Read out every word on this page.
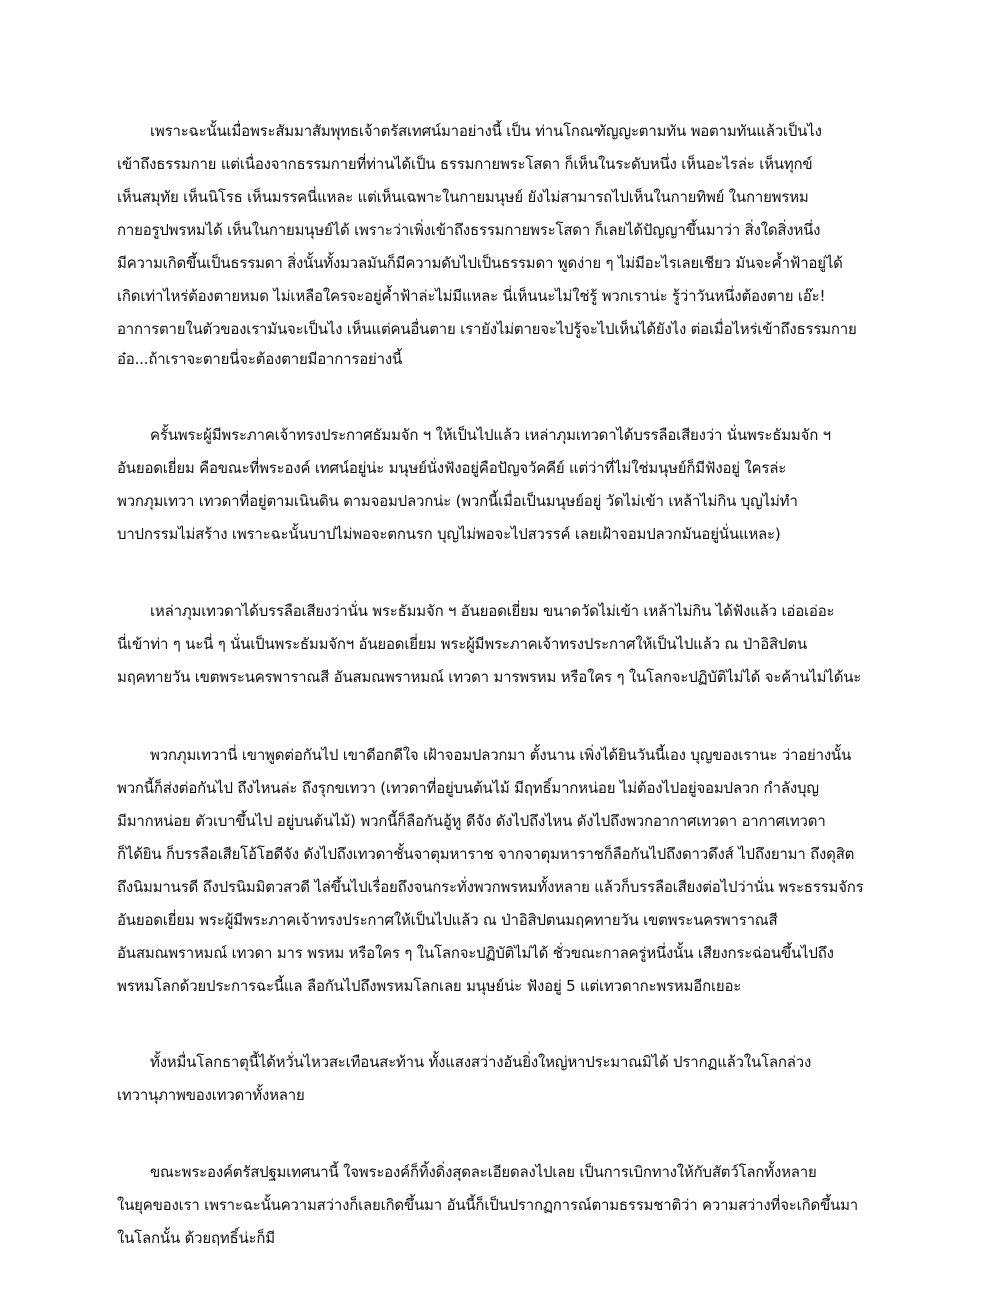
เพราะฉะนั้นเมื่อพระสัมมาสัมพุทธเจ้าตรัสเทศน์มาอย่างนี้ เป็น ท่านโกณฑัญญะตามทัน พอตามทันแล้วเป็นไง
เข้าถึงธรรมกาย แต่เนื่องจากธรรมกายที่ท่านได้เป็น ธรรมกายพระโสดา ก็เห็นในระดับหนึ่ง เห็นอะไรล่ะ เห็นทุกข์
เห็นสมุทัย เห็นนิโรธ เห็นมรรคนี่แหละ แต่เห็นเฉพาะในกายมนุษย์ ยังไม่สามารถไปเห็นในกายทิพย์ ในกายพรหม
กายอรูปพรหมได้ เห็นในกายมนุษย์ได้ เพราะว่าเพิ่งเข้าถึงธรรมกายพระโสดา ก็เลยได้ปัญญาขึ้นมาว่า สิ่งใดสิ่งหนึ่ง
มีความเกิดขึ้นเป็นธรรมดา สิ่งนั้นทั้งมวลมันก็มีความดับไปเป็นธรรมดา พูดง่าย ๆ ไม่มีอะไรเลยเชียว มันจะค้ำฟ้าอยู่ได้
เกิดเท่าไหร่ต้องตายหมด ไม่เหลือใครจะอยู่ค้ำฟ้าล่ะไม่มีแหละ นี่เห็นนะไม่ใช่รู้ พวกเราน่ะ รู้ว่าวันหนึ่งต้องตาย เอ๊ะ!
อาการตายในตัวของเรามันจะเป็นไง เห็นแต่คนอื่นตาย เรายังไม่ตายจะไปรู้จะไปเห็นได้ยังไง ต่อเมื่อไหร่เข้าถึงธรรมกาย
อ๋อ...ถ้าเราจะตายนี่จะต้องตายมีอาการอย่างนี้
ครั้นพระผู้มีพระภาคเจ้าทรงประกาศธัมมจัก ฯ ให้เป็นไปแล้ว เหล่าภุมเทวดาได้บรรลือเสียงว่า นั่นพระธัมมจัก ฯ
อันยอดเยี่ยม คือขณะที่พระองค์ เทศน์อยู่น่ะ มนุษย์นั่งฟังอยู่คือปัญจวัคคีย์ แต่ว่าที่ไม่ใช่มนุษย์ก็มีฟังอยู่ ใครล่ะ
พวกภุมเทวา เทวดาที่อยู่ตามเนินดิน ตามจอมปลวกน่ะ (พวกนี้เมื่อเป็นมนุษย์อยู่ วัดไม่เข้า เหล้าไม่กิน บุญไม่ทำ
บาปกรรมไม่สร้าง เพราะฉะนั้นบาปไม่พอจะตกนรก บุญไม่พอจะไปสวรรค์ เลยเฝ้าจอมปลวกมันอยู่นั่นแหละ)
เหล่าภุมเทวดาได้บรรลือเสียงว่านั่น พระธัมมจัก ฯ อันยอดเยี่ยม ขนาดวัดไม่เข้า เหล้าไม่กิน ได้ฟังแล้ว เอ่อเอ่อะ
นี่เข้าท่า ๆ นะนี่ ๆ นั่นเป็นพระธัมมจักฯ อันยอดเยี่ยม พระผู้มีพระภาคเจ้าทรงประกาศให้เป็นไปแล้ว ณ ป่าอิสิปตน
มฤคทายวัน เขตพระนครพาราณสี อันสมณพราหมณ์ เทวดา มารพรหม หรือใคร ๆ ในโลกจะปฏิบัติไม่ได้ จะค้านไม่ได้นะ
พวกภุมเทวานี่ เขาพูดต่อกันไป เขาดีอกดีใจ เฝ้าจอมปลวกมา ตั้งนาน เพิ่งได้ยินวันนี้เอง บุญของเรานะ ว่าอย่างนั้น
พวกนี้ก็ส่งต่อกันไป ถึงไหนล่ะ ถึงรุกขเทวา (เทวดาที่อยู่บนต้นไม้ มีฤทธิ์มากหน่อย ไม่ต้องไปอยู่จอมปลวก กำลังบุญ
มีมากหน่อย ตัวเบาขึ้นไป อยู่บนต้นไม้) พวกนี้ก็ลือกันอู้หู ดีจัง ดังไปถึงไหน ดังไปถึงพวกอากาศเทวดา อากาศเทวดา
ก็ได้ยิน ก็บรรลือเสียโอ้โฮดีจัง ดังไปถึงเทวดาชั้นจาตุมหาราช จากจาตุมหาราชก็ลือกันไปถึงดาวดึงส์ ไปถึงยามา ถึงดุสิต
ถึงนิมมานรดี ถึงปรนิมมิตวสวดี ไล่ขึ้นไปเรื่อยถึงจนกระทั่งพวกพรหมทั้งหลาย แล้วก็บรรลือเสียงต่อไปว่านั่น พระธรรมจักร
อันยอดเยี่ยม พระผู้มีพระภาคเจ้าทรงประกาศให้เป็นไปแล้ว ณ ป่าอิสิปตนมฤคทายวัน เขตพระนครพาราณสี
อันสมณพราหมณ์ เทวดา มาร พรหม หรือใคร ๆ ในโลกจะปฏิบัติไม่ได้ ชั่วขณะกาลครู่หนึ่งนั้น เสียงกระฉ่อนขึ้นไปถึง
พรหมโลกด้วยประการฉะนี้แล ลือกันไปถึงพรหมโลกเลย มนุษย์น่ะ ฟังอยู่ 5 แต่เทวดากะพรหมอีกเยอะ
ทั้งหมื่นโลกธาตุนี้ได้หวั่นไหวสะเทือนสะท้าน ทั้งแสงสว่างอันยิ่งใหญ่หาประมาณมิได้ ปรากฏแล้วในโลกล่วง
เทวานุภาพของเทวดาทั้งหลาย
ขณะพระองค์ตรัสปฐมเทศนานี้ ใจพระองค์ก็ทิ้งดิ่งสุดละเอียดลงไปเลย เป็นการเบิกทางให้กับสัตว์โลกทั้งหลาย
ในยุคของเรา เพราะฉะนั้นความสว่างก็เลยเกิดขึ้นมา อันนี้ก็เป็นปรากฏการณ์ตามธรรมชาติว่า ความสว่างที่จะเกิดขึ้นมา
ในโลกนั้น ด้วยฤทธิ์น่ะก็มี
